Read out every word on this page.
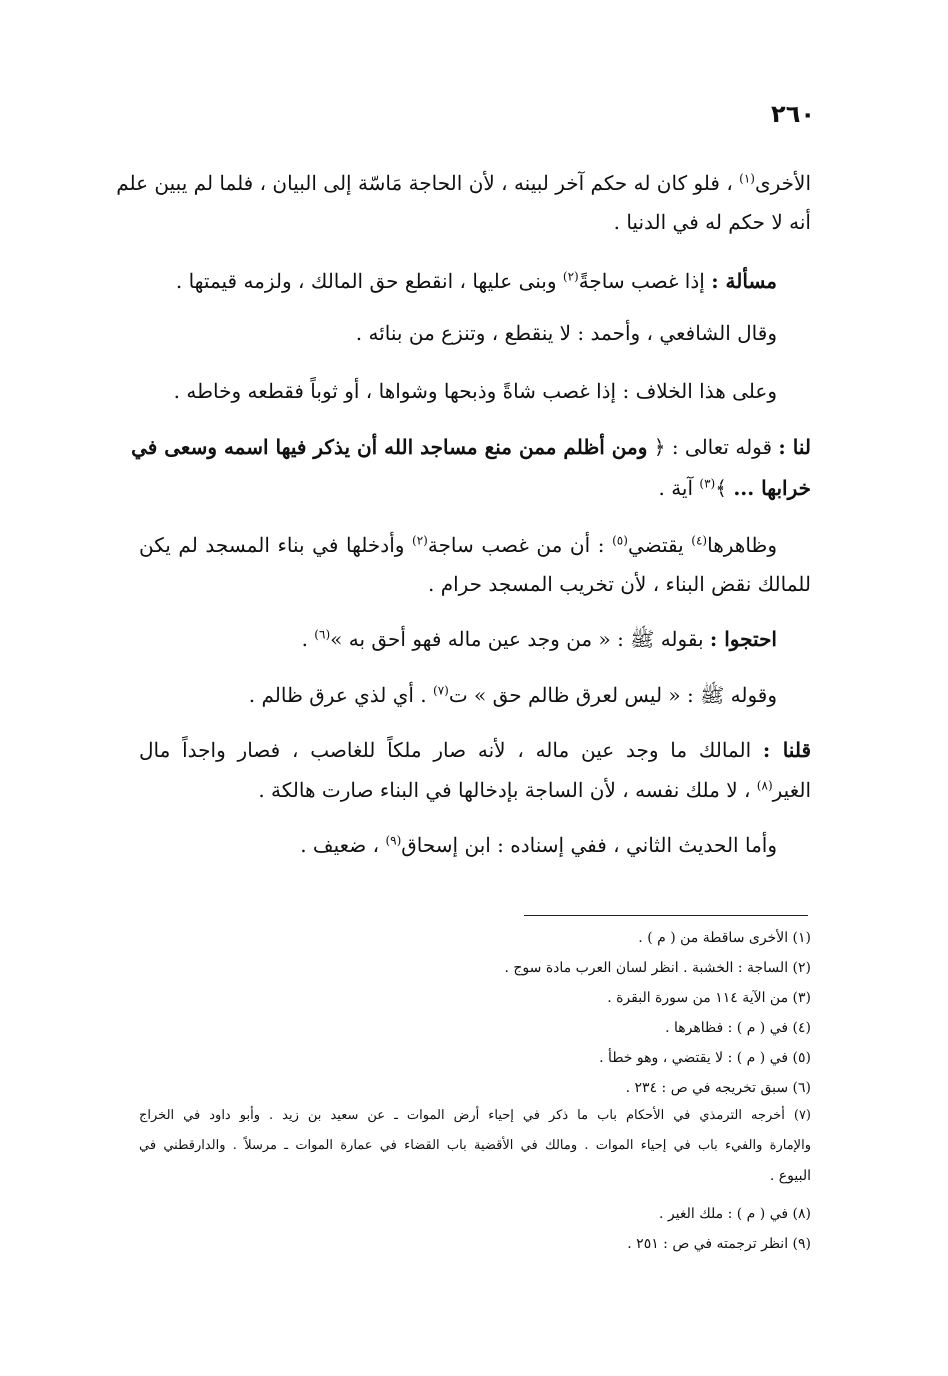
٢٦٠
الأخرى$^{(١)}$ ، فلو كان له حكم آخر لبينه ، لأن الحاجة مَاسّة إلى البيان ، فلما لم يبين علم
أنه لا حكم له في الدنيا .
مسألة : إذا غصب ساجةً$^{(٢)}$ وبنى عليها ، انقطع حق المالك ، ولزمه قيمتها .
وقال الشافعي ، وأحمد : لا ينقطع ، وتنزع من بنائه .
وعلى هذا الخلاف : إذا غصب شاةً وذبحها وشواها ، أو ثوباً فقطعه وخاطه .
لنا : قوله تعالى : ﴿ ومن أظلم ممن منع مساجد الله أن يذكر فيها اسمه وسعى في
خرابها ... ﴾$^{(٣)}$ آية .
وظاهرها$^{(٤)}$ يقتضي$^{(٥)}$ : أن من غصب ساجة$^{(٢)}$ وأدخلها في بناء المسجد لم يكن
للمالك نقض البناء ، لأن تخريب المسجد حرام .
احتجوا : بقوله ﷺ : « من وجد عين ماله فهو أحق به »$^{(٦)}$ .
وقوله ﷺ : « ليس لعرق ظالم حق » ت$^{(٧)}$ . أي لذي عرق ظالم .
قلنا : المالك ما وجد عين ماله ، لأنه صار ملكاً للغاصب ، فصار واجداً مال
الغير$^{(٨)}$ ، لا ملك نفسه ، لأن الساجة بإدخالها في البناء صارت هالكة .
وأما الحديث الثاني ، ففي إسناده : ابن إسحاق$^{(٩)}$ ، ضعيف .
(١) الأخرى ساقطة من ( م ) .
(٢) الساجة : الخشبة . انظر لسان العرب مادة سوج .
(٣) من الآية ١١٤ من سورة البقرة .
(٤) في ( م ) : فظاهرها .
(٥) في ( م ) : لا يقتضي ، وهو خطأ .
(٦) سبق تخريجه في ص : ٢٣٤ .
(٧) أخرجه الترمذي في الأحكام باب ما ذكر في إحياء أرض الموات ـ عن سعيد بن زيد . وأبو داود في الخراج
والإمارة والفيء باب في إحياء الموات . ومالك في الأقضية باب القضاء في عمارة الموات ـ مرسلاً . والدارقطني في
البيوع .
(٨) في ( م ) : ملك الغير .
(٩) انظر ترجمته في ص : ٢٥١ .
